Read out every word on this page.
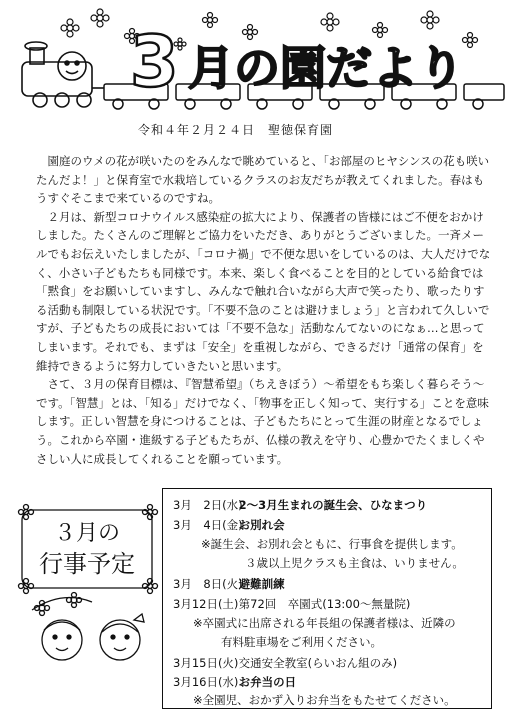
3 月の園だより
令和４年２月２４日　聖徳保育園

園庭のウメの花が咲いたのをみんなで眺めていると、「お部屋のヒヤシンスの花も咲いたんだよ！」と保育室で水栽培しているクラスのお友だちが教えてくれました。春はもうすぐそこまで来ているのですね。

２月は、新型コロナウイルス感染症の拡大により、保護者の皆様にはご不便をおかけしました。たくさんのご理解とご協力をいただき、ありがとうございました。一斉メールでもお伝えいたしましたが、「コロナ禍」で不便な思いをしているのは、大人だけでなく、小さい子どもたちも同様です。本来、楽しく食べることを目的としている給食では「黙食」をお願いしていますし、みんなで触れ合いながら大声で笑ったり、歌ったりする活動も制限している状況です。「不要不急のことは避けましょう」と言われて久しいですが、子どもたちの成長においては「不要不急な」活動なんてないのになぁ…と思ってしまいます。それでも、まずは「安全」を重視しながら、できるだけ「通常の保育」を維持できるように努力していきたいと思います。

さて、３月の保育目標は、『智慧希望』（ちえきぼう）～希望をもち楽しく暮らそう～です。「智慧」とは、「知る」だけでなく、「物事を正しく知って、実行する」ことを意味します。正しい智慧を身につけることは、子どもたちにとって生涯の財産となるでしょう。これから卒園・進級する子どもたちが、仏様の教えを守り、心豊かでたくましくやさしい人に成長してくれることを願っています。

３月の
行事予定
3月　2日(水) 2～3月生まれの誕生会、ひなまつり
3月　4日(金) お別れ会
※誕生会、お別れ会ともに、行事食を提供します。
３歳以上児クラスも主食は、いりません。
3月　8日(火) 避難訓練
3月12日(土) 第72回　卒園式(13:00～無量院)
※卒園式に出席される年長組の保護者様は、近隣の
有料駐車場をご利用ください。
3月15日(火) 交通安全教室(らいおん組のみ)
3月16日(水) お弁当の日
※全園児、おかず入りお弁当をもたせてください。
